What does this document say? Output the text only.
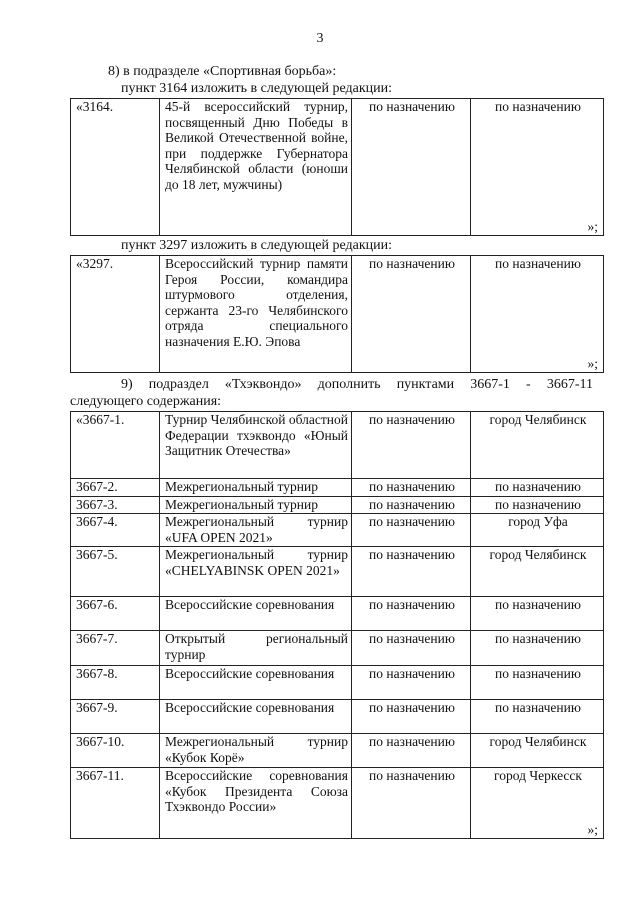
3
8) в подразделе «Спортивная борьба»:
пункт 3164 изложить в следующей редакции:
«3164.	45-й всероссийский турнир, посвященный Дню Победы в Великой Отечественной войне, при поддержке Губернатора Челябинской области (юноши до 18 лет, мужчины)	по назначению	по назначению
»;
пункт 3297 изложить в следующей редакции:
«3297.	Всероссийский турнир памяти Героя России, командира штурмового отделения, сержанта 23-го Челябинского отряда специального назначения Е.Ю. Эпова	по назначению	по назначению
»;
9) подраздел «Тхэквондо» дополнить пунктами 3667-1 - 3667-11
следующего содержания:
«3667-1.	Турнир Челябинской областной Федерации тхэквондо «Юный Защитник Отечества»	по назначению	город Челябинск
3667-2.	Межрегиональный турнир	по назначению	по назначению
3667-3.	Межрегиональный турнир	по назначению	по назначению
3667-4.	Межрегиональный турнир «UFA OPEN 2021»	по назначению	город Уфа
3667-5.	Межрегиональный турнир «CHELYABINSK OPEN 2021»	по назначению	город Челябинск
3667-6.	Всероссийские соревнования	по назначению	по назначению
3667-7.	Открытый региональный турнир	по назначению	по назначению
3667-8.	Всероссийские соревнования	по назначению	по назначению
3667-9.	Всероссийские соревнования	по назначению	по назначению
3667-10.	Межрегиональный турнир «Кубок Корё»	по назначению	город Челябинск
3667-11.	Всероссийские соревнования «Кубок Президента Союза Тхэквондо России»	по назначению	город Черкесск
»;
